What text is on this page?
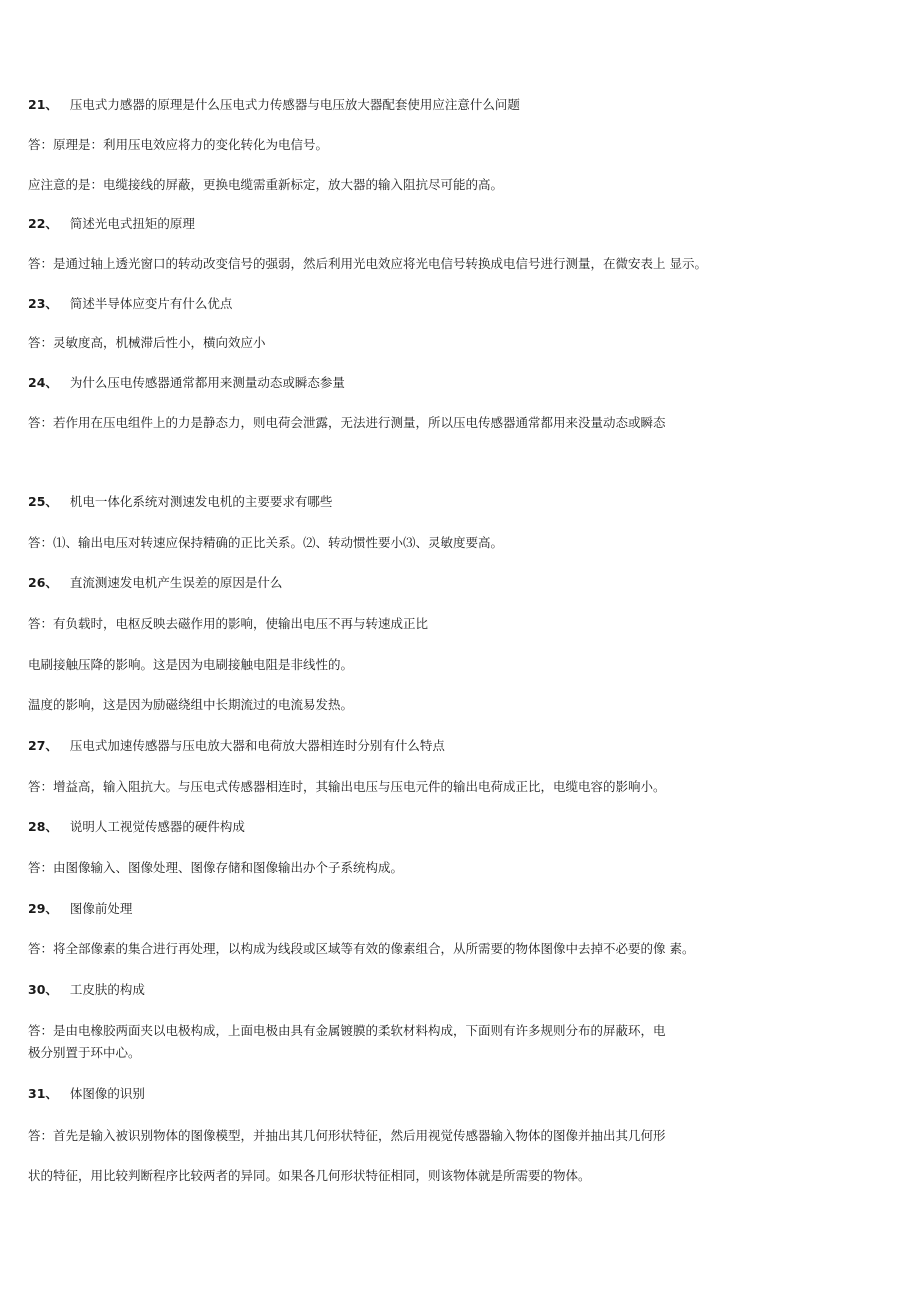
21、 压电式力感器的原理是什么压电式力传感器与电压放大器配套使用应注意什么问题
答：原理是：利用压电效应将力的变化转化为电信号。
应注意的是：电缆接线的屏蔽，更换电缆需重新标定，放大器的输入阻抗尽可能的高。
22、 简述光电式扭矩的原理
答：是通过轴上透光窗口的转动改变信号的强弱，然后利用光电效应将光电信号转换成电信号进行测量，在微安表上 显示。
23、 简述半导体应变片有什么优点
答：灵敏度高，机械滞后性小，横向效应小
24、 为什么压电传感器通常都用来测量动态或瞬态参量
答：若作用在压电组件上的力是静态力，则电荷会泄露，无法进行测量，所以压电传感器通常都用来没量动态或瞬态
25、 机电一体化系统对测速发电机的主要要求有哪些
答：⑴、输出电压对转速应保持精确的正比关系。⑵、转动惯性要小⑶、灵敏度要高。
26、 直流测速发电机产生误差的原因是什么
答：有负载时，电枢反映去磁作用的影响，使输出电压不再与转速成正比
电刷接触压降的影响。这是因为电刷接触电阻是非线性的。
温度的影响，这是因为励磁绕组中长期流过的电流易发热。
27、 压电式加速传感器与压电放大器和电荷放大器相连时分别有什么特点
答：增益高，输入阻抗大。与压电式传感器相连时，其输出电压与压电元件的输出电荷成正比，电缆电容的影响小。
28、 说明人工视觉传感器的硬件构成
答：由图像输入、图像处理、图像存储和图像输出办个子系统构成。
29、 图像前处理
答：将全部像素的集合进行再处理，以构成为线段或区域等有效的像素组合，从所需要的物体图像中去掉不必要的像 素。
30、 工皮肤的构成
答：是由电橡胶两面夹以电极构成，上面电极由具有金属镀膜的柔软材料构成，下面则有许多规则分布的屏蔽环，电
极分别置于环中心。
31、 体图像的识别
答：首先是输入被识别物体的图像模型，并抽出其几何形状特征，然后用视觉传感器输入物体的图像并抽出其几何形
状的特征，用比较判断程序比较两者的异同。如果各几何形状特征相同，则该物体就是所需要的物体。
